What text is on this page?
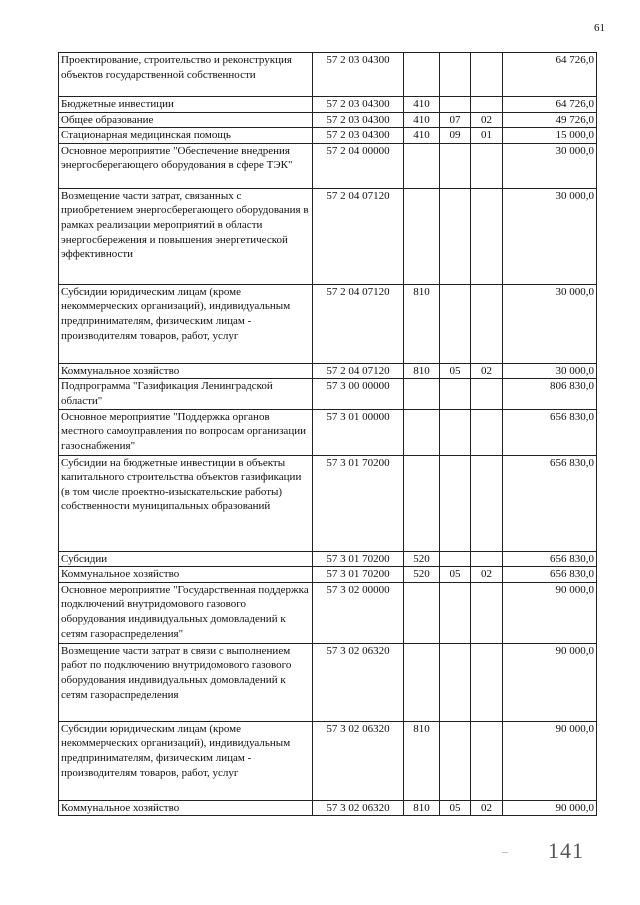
61
Проектирование, строительство и реконструкция объектов государственной собственности	57 2 03 04300				64 726,0
Бюджетные инвестиции	57 2 03 04300	410			64 726,0
Общее образование	57 2 03 04300	410	07	02	49 726,0
Стационарная медицинская помощь	57 2 03 04300	410	09	01	15 000,0
Основное мероприятие "Обеспечение внедрения энергосберегающего оборудования в сфере ТЭК"	57 2 04 00000				30 000,0
Возмещение части затрат, связанных с приобретением энергосберегающего оборудования в рамках реализации мероприятий в области энергосбережения и повышения энергетической эффективности	57 2 04 07120				30 000,0
Субсидии юридическим лицам (кроме некоммерческих организаций), индивидуальным предпринимателям, физическим лицам - производителям товаров, работ, услуг	57 2 04 07120	810			30 000,0
Коммунальное хозяйство	57 2 04 07120	810	05	02	30 000,0
Подпрограмма "Газификация Ленинградской области"	57 3 00 00000				806 830,0
Основное мероприятие "Поддержка органов местного самоуправления по вопросам организации газоснабжения"	57 3 01 00000				656 830,0
Субсидии на бюджетные инвестиции в объекты капитального строительства объектов газификации (в том числе проектно-изыскательские работы) собственности муниципальных образований	57 3 01 70200				656 830,0
Субсидии	57 3 01 70200	520			656 830,0
Коммунальное хозяйство	57 3 01 70200	520	05	02	656 830,0
Основное мероприятие "Государственная поддержка подключений внутридомового газового оборудования индивидуальных домовладений к сетям газораспределения"	57 3 02 00000				90 000,0
Возмещение части затрат в связи с выполнением работ по подключению внутридомового газового оборудования индивидуальных домовладений к сетям газораспределения	57 3 02 06320				90 000,0
Субсидии юридическим лицам (кроме некоммерческих организаций), индивидуальным предпринимателям, физическим лицам - производителям товаров, работ, услуг	57 3 02 06320	810			90 000,0
Коммунальное хозяйство	57 3 02 06320	810	05	02	90 000,0
... 141
